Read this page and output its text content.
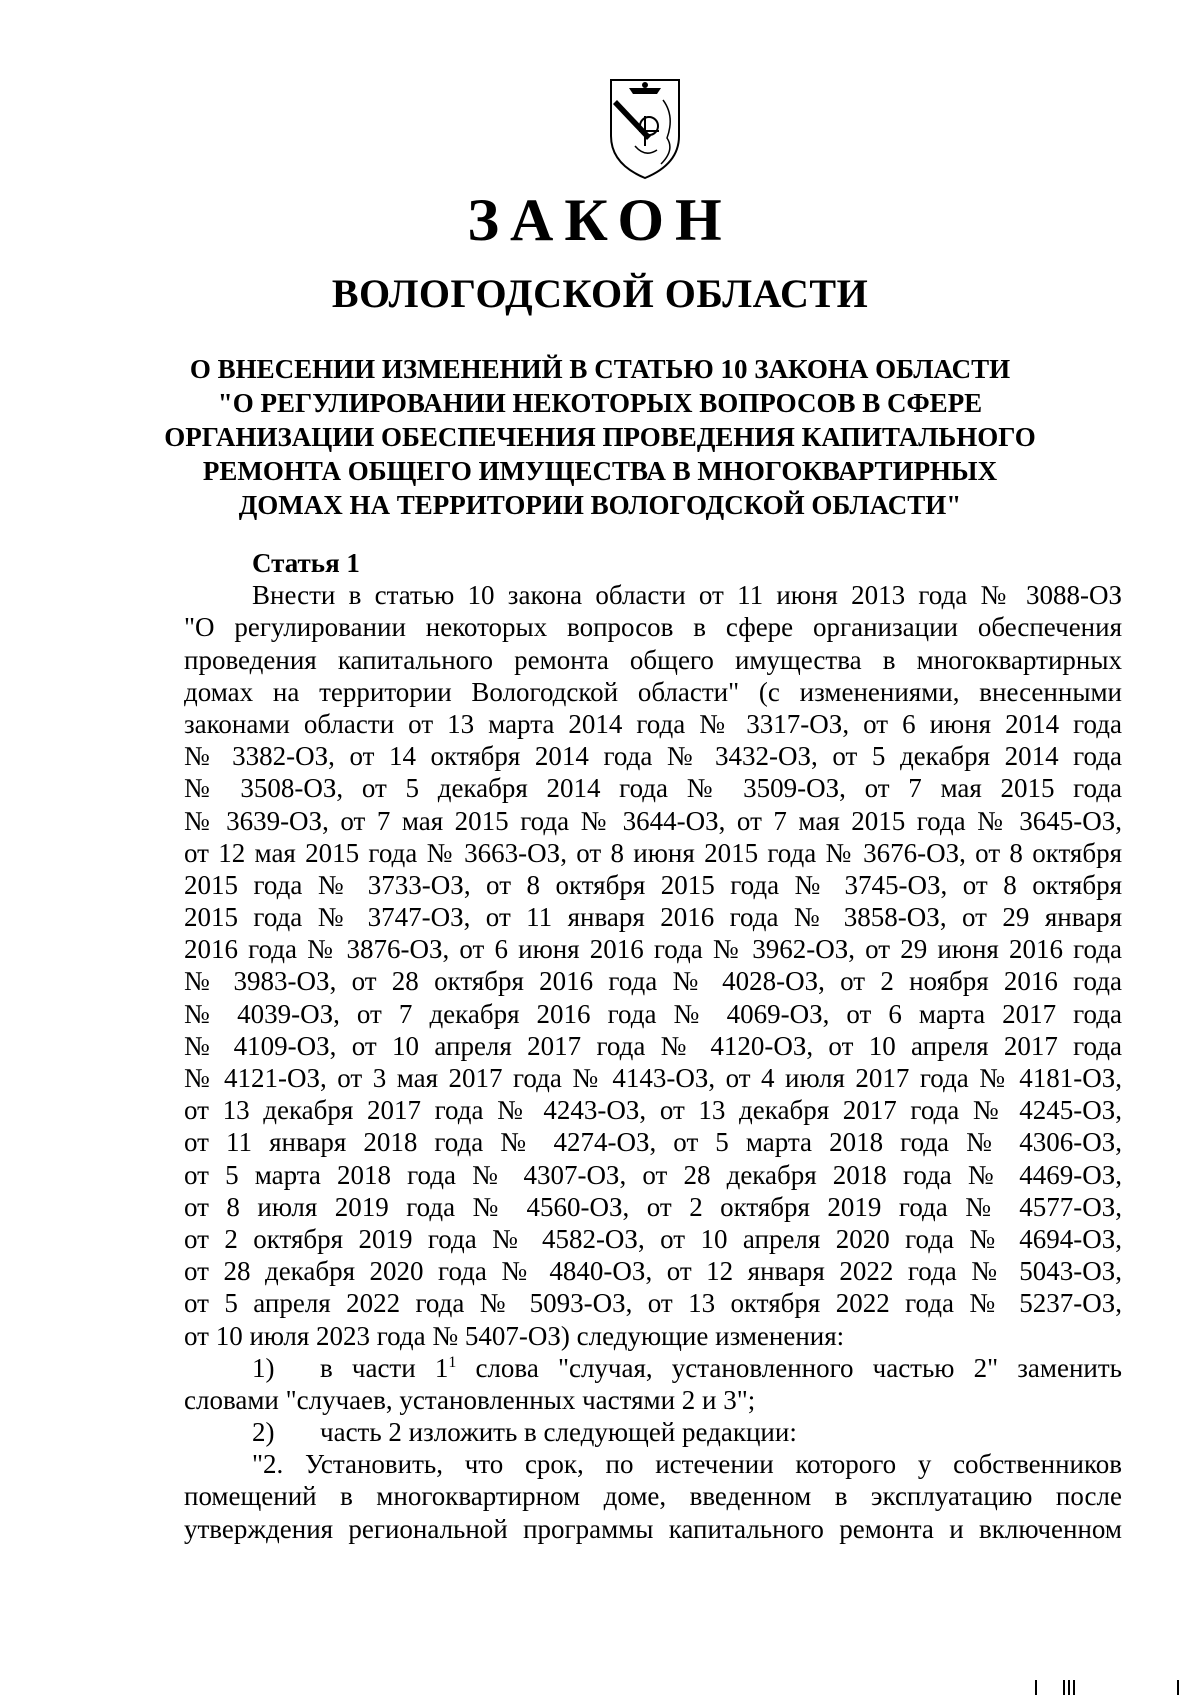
ЗАКОН
ВОЛОГОДСКОЙ ОБЛАСТИ
О ВНЕСЕНИИ ИЗМЕНЕНИЙ В СТАТЬЮ 10 ЗАКОНА ОБЛАСТИ
"О РЕГУЛИРОВАНИИ НЕКОТОРЫХ ВОПРОСОВ В СФЕРЕ
ОРГАНИЗАЦИИ ОБЕСПЕЧЕНИЯ ПРОВЕДЕНИЯ КАПИТАЛЬНОГО
РЕМОНТА ОБЩЕГО ИМУЩЕСТВА В МНОГОКВАРТИРНЫХ
ДОМАХ НА ТЕРРИТОРИИ ВОЛОГОДСКОЙ ОБЛАСТИ"
Статья 1
Внести в статью 10 закона области от 11 июня 2013 года № 3088-ОЗ
"О регулировании некоторых вопросов в сфере организации обеспечения
проведения капитального ремонта общего имущества в многоквартирных
домах на территории Вологодской области" (с изменениями, внесенными
законами области от 13 марта 2014 года № 3317-ОЗ, от 6 июня 2014 года
№ 3382-ОЗ, от 14 октября 2014 года № 3432-ОЗ, от 5 декабря 2014 года
№ 3508-ОЗ, от 5 декабря 2014 года № 3509-ОЗ, от 7 мая 2015 года
№ 3639-ОЗ, от 7 мая 2015 года № 3644-ОЗ, от 7 мая 2015 года № 3645-ОЗ,
от 12 мая 2015 года № 3663-ОЗ, от 8 июня 2015 года № 3676-ОЗ, от 8 октября
2015 года № 3733-ОЗ, от 8 октября 2015 года № 3745-ОЗ, от 8 октября
2015 года № 3747-ОЗ, от 11 января 2016 года № 3858-ОЗ, от 29 января
2016 года № 3876-ОЗ, от 6 июня 2016 года № 3962-ОЗ, от 29 июня 2016 года
№ 3983-ОЗ, от 28 октября 2016 года № 4028-ОЗ, от 2 ноября 2016 года
№ 4039-ОЗ, от 7 декабря 2016 года № 4069-ОЗ, от 6 марта 2017 года
№ 4109-ОЗ, от 10 апреля 2017 года № 4120-ОЗ, от 10 апреля 2017 года
№ 4121-ОЗ, от 3 мая 2017 года № 4143-ОЗ, от 4 июля 2017 года № 4181-ОЗ,
от 13 декабря 2017 года № 4243-ОЗ, от 13 декабря 2017 года № 4245-ОЗ,
от 11 января 2018 года № 4274-ОЗ, от 5 марта 2018 года № 4306-ОЗ,
от 5 марта 2018 года № 4307-ОЗ, от 28 декабря 2018 года № 4469-ОЗ,
от 8 июля 2019 года № 4560-ОЗ, от 2 октября 2019 года № 4577-ОЗ,
от 2 октября 2019 года № 4582-ОЗ, от 10 апреля 2020 года № 4694-ОЗ,
от 28 декабря 2020 года № 4840-ОЗ, от 12 января 2022 года № 5043-ОЗ,
от 5 апреля 2022 года № 5093-ОЗ, от 13 октября 2022 года № 5237-ОЗ,
от 10 июля 2023 года № 5407-ОЗ) следующие изменения:
1) в части $1^1$ слова "случая, установленного частью 2" заменить
словами "случаев, установленных частями 2 и 3";
2) часть 2 изложить в следующей редакции:
"2. Установить, что срок, по истечении которого у собственников
помещений в многоквартирном доме, введенном в эксплуатацию после
утверждения региональной программы капитального ремонта и включенном
